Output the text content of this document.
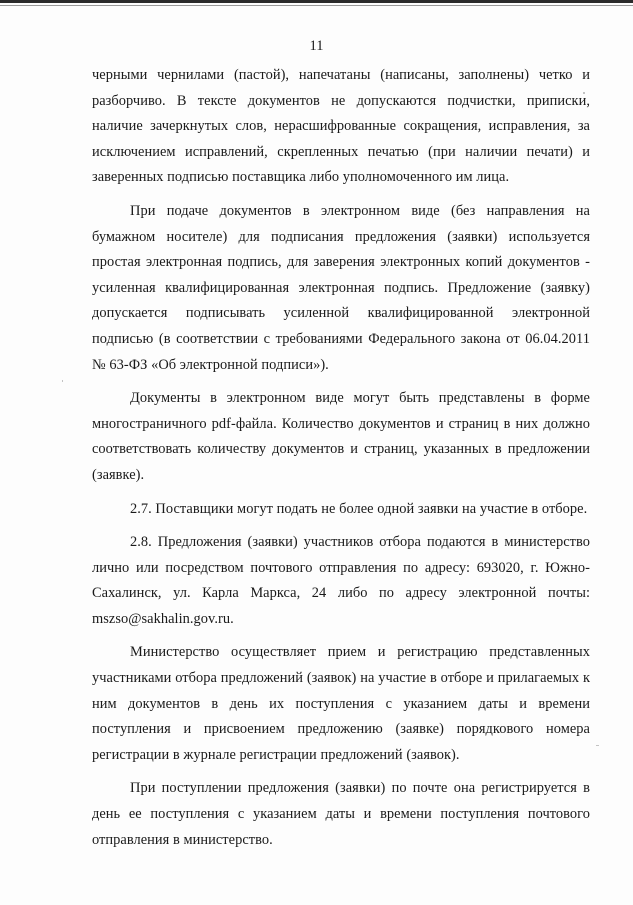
11

черными чернилами (пастой), напечатаны (написаны, заполнены) четко и разборчиво. В тексте документов не допускаются подчистки, приписки, наличие зачеркнутых слов, нерасшифрованные сокращения, исправления, за исключением исправлений, скрепленных печатью (при наличии печати) и заверенных подписью поставщика либо уполномоченного им лица.

При подаче документов в электронном виде (без направления на бумажном носителе) для подписания предложения (заявки) используется простая электронная подпись, для заверения электронных копий документов - усиленная квалифицированная электронная подпись. Предложение (заявку) допускается подписывать усиленной квалифицированной электронной подписью (в соответствии с требованиями Федерального закона от 06.04.2011 № 63-ФЗ «Об электронной подписи»).

Документы в электронном виде могут быть представлены в форме многостраничного pdf-файла. Количество документов и страниц в них должно соответствовать количеству документов и страниц, указанных в предложении (заявке).

2.7. Поставщики могут подать не более одной заявки на участие в отборе.

2.8. Предложения (заявки) участников отбора подаются в министерство лично или посредством почтового отправления по адресу: 693020, г. Южно-Сахалинск, ул. Карла Маркса, 24 либо по адресу электронной почты: mszso@sakhalin.gov.ru.

Министерство осуществляет прием и регистрацию представленных участниками отбора предложений (заявок) на участие в отборе и прилагаемых к ним документов в день их поступления с указанием даты и времени поступления и присвоением предложению (заявке) порядкового номера регистрации в журнале регистрации предложений (заявок).

При поступлении предложения (заявки) по почте она регистрируется в день ее поступления с указанием даты и времени поступления почтового отправления в министерство.
